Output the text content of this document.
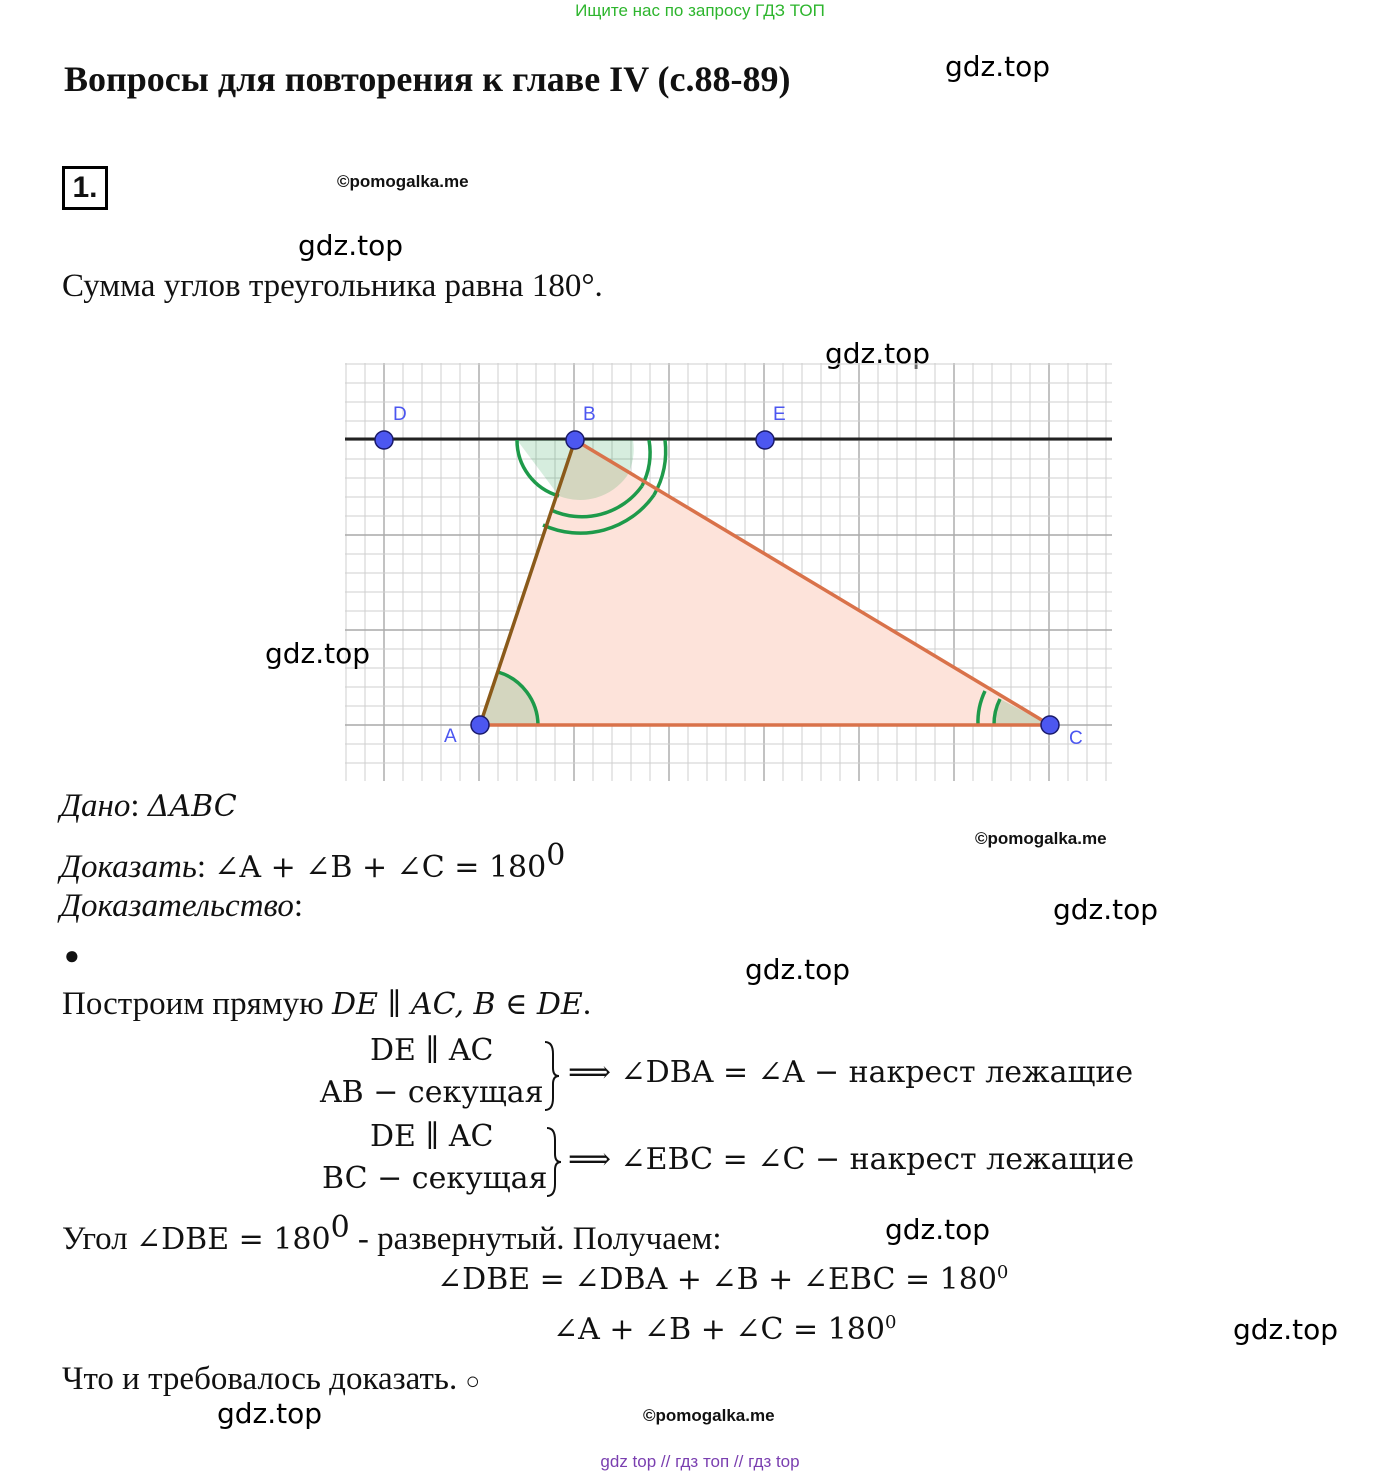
Ищите нас по запросу ГДЗ ТОП
Вопросы для повторения к главе IV (с.88-89)	gdz.top
1.	©pomogalka.me
gdz.top
Сумма углов треугольника равна 180°.
gdz.top
D	B	E
A	C
gdz.top
Дано: ΔABC
©pomogalka.me
Доказать: ∠A + ∠B + ∠C = $180^0$
Доказательство:	gdz.top
●	gdz.top
Построим прямую DE ∥ AC, B ∈ DE.
DE ∥ AC
AB − секущая
⟹ ∠DBA = ∠A − накрест лежащие
DE ∥ AC
BC − секущая
⟹ ∠EBC = ∠C − накрест лежащие
Угол ∠DBE = $180^0$ - развернутый. Получаем:	gdz.top
∠DBE = ∠DBA + ∠B + ∠EBC = $180^0$
∠A + ∠B + ∠C = $180^0$	gdz.top
Что и требовалось доказать. ○
gdz.top	©pomogalka.me
gdz top // гдз топ // гдз top
